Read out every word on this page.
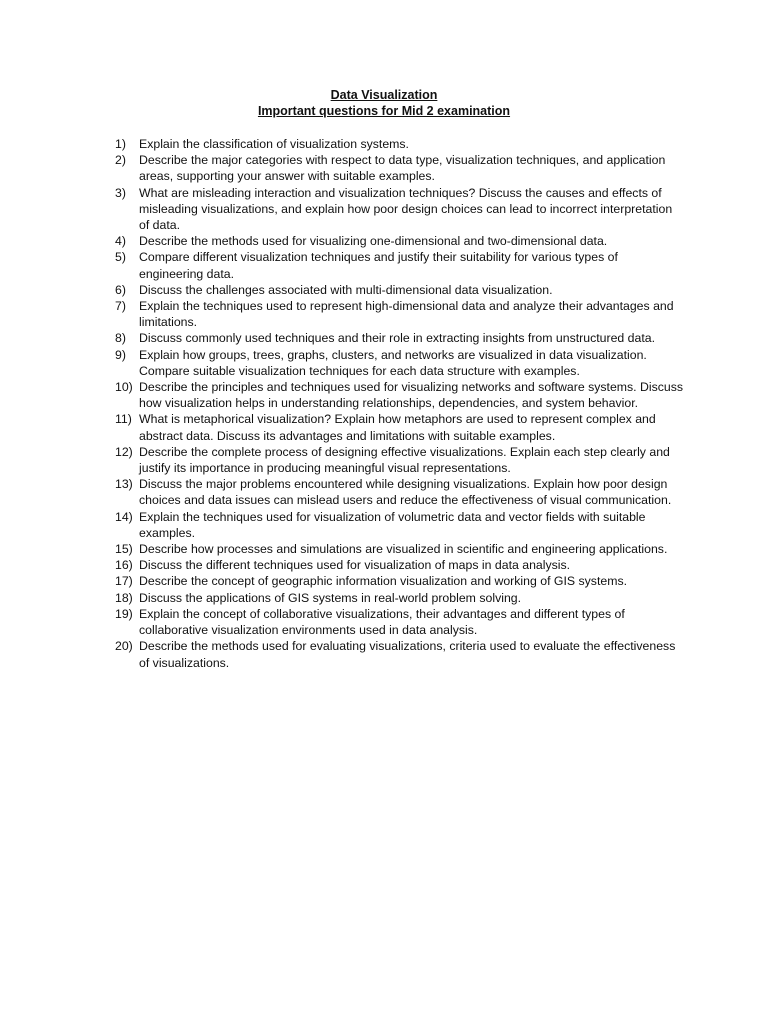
Data Visualization
Important questions for Mid 2 examination
1)	Explain the classification of visualization systems.
2)	Describe the major categories with respect to data type, visualization techniques, and application areas, supporting your answer with suitable examples.
3)	What are misleading interaction and visualization techniques? Discuss the causes and effects of misleading visualizations, and explain how poor design choices can lead to incorrect interpretation of data.
4)	Describe the methods used for visualizing one-dimensional and two-dimensional data.
5)	Compare different visualization techniques and justify their suitability for various types of engineering data.
6)	Discuss the challenges associated with multi-dimensional data visualization.
7)	Explain the techniques used to represent high-dimensional data and analyze their advantages and limitations.
8)	Discuss commonly used techniques and their role in extracting insights from unstructured data.
9)	Explain how groups, trees, graphs, clusters, and networks are visualized in data visualization. Compare suitable visualization techniques for each data structure with examples.
10) Describe the principles and techniques used for visualizing networks and software systems. Discuss how visualization helps in understanding relationships, dependencies, and system behavior.
11) What is metaphorical visualization? Explain how metaphors are used to represent complex and abstract data. Discuss its advantages and limitations with suitable examples.
12) Describe the complete process of designing effective visualizations. Explain each step clearly and justify its importance in producing meaningful visual representations.
13) Discuss the major problems encountered while designing visualizations. Explain how poor design choices and data issues can mislead users and reduce the effectiveness of visual communication.
14) Explain the techniques used for visualization of volumetric data and vector fields with suitable examples.
15) Describe how processes and simulations are visualized in scientific and engineering applications.
16) Discuss the different techniques used for visualization of maps in data analysis.
17) Describe the concept of geographic information visualization and working of GIS systems.
18) Discuss the applications of GIS systems in real-world problem solving.
19) Explain the concept of collaborative visualizations, their advantages and different types of collaborative visualization environments used in data analysis.
20) Describe the methods used for evaluating visualizations, criteria used to evaluate the effectiveness of visualizations.
